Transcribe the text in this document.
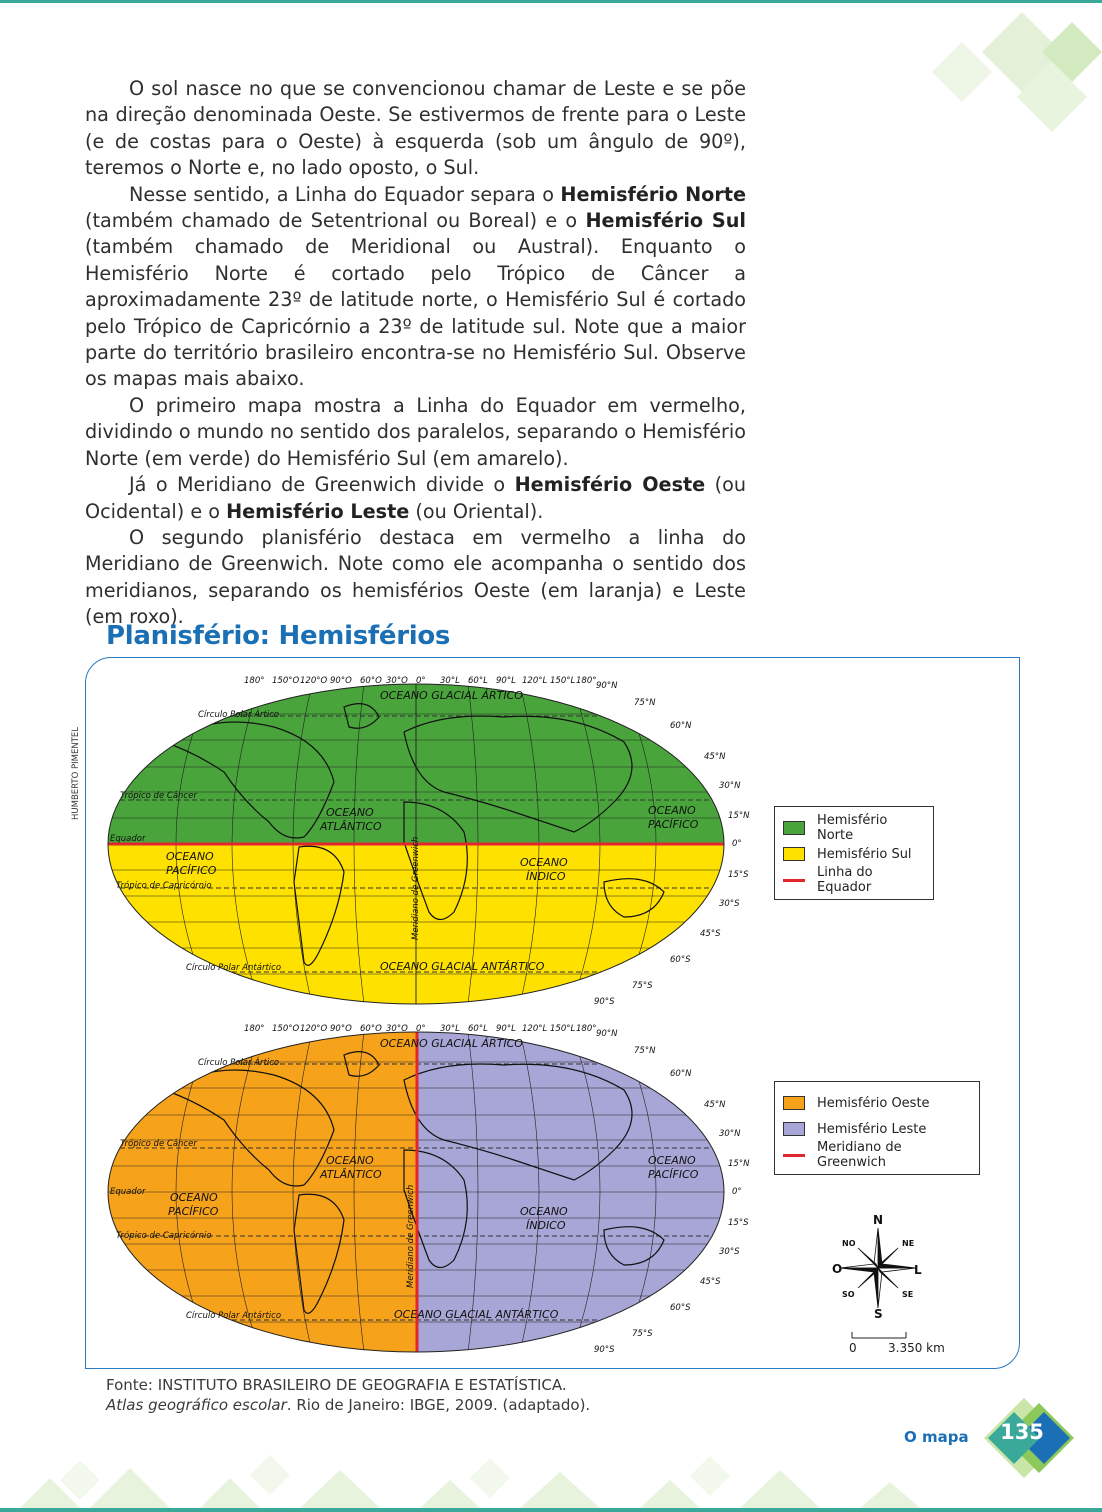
O sol nasce no que se convencionou chamar de Leste e se põe na direção denominada Oeste. Se estivermos de frente para o Leste (e de costas para o Oeste) à esquerda (sob um ângulo de 90º), teremos o Norte e, no lado oposto, o Sul.

Nesse sentido, a Linha do Equador separa o Hemisfério Norte (também chamado de Setentrional ou Boreal) e o Hemisfério Sul (também chamado de Meridional ou Austral). Enquanto o Hemisfério Norte é cortado pelo Trópico de Câncer a aproximadamente 23º de latitude norte, o Hemisfério Sul é cortado pelo Trópico de Capricórnio a 23º de latitude sul. Note que a maior parte do território brasileiro encontra-se no Hemisfério Sul. Observe os mapas mais abaixo.

O primeiro mapa mostra a Linha do Equador em vermelho, dividindo o mundo no sentido dos paralelos, separando o Hemisfério Norte (em verde) do Hemisfério Sul (em amarelo).

Já o Meridiano de Greenwich divide o Hemisfério Oeste (ou Ocidental) e o Hemisfério Leste (ou Oriental).

O segundo planisfério destaca em vermelho a linha do Meridiano de Greenwich. Note como ele acompanha o sentido dos meridianos, separando os hemisférios Oeste (em laranja) e Leste (em roxo).

Planisfério: Hemisférios
HUMBERTO PIMENTEL
180° 150°O 120°O 90°O 60°O 30°O 0° 30°L 60°L 90°L 120°L 150°L 180° 90°N
75°N
60°N
45°N
30°N
15°N
0°
15°S
30°S
45°S
60°S
75°S
90°S
Círculo Polar Ártico
Trópico de Câncer
Equador
Trópico de Capricórnio
Círculo Polar Antártico
OCEANO GLACIAL ÁRTICO
OCEANO GLACIAL ANTÁRTICO
OCEANO
ATLÂNTICO
OCEANO
PACÍFICO
OCEANO
PACÍFICO
OCEANO
ÍNDICO
Meridiano de Greenwich
Hemisfério Norte
Hemisfério Sul
Linha do Equador
180° 150°O 120°O 90°O 60°O 30°O 0° 30°L 60°L 90°L 120°L 150°L 180° 90°N
75°N
60°N
45°N
30°N
15°N
0°
15°S
30°S
45°S
60°S
75°S
90°S
Círculo Polar Ártico
Trópico de Câncer
Equador
Trópico de Capricórnio
Círculo Polar Antártico
OCEANO GLACIAL ÁRTICO
OCEANO GLACIAL ANTÁRTICO
OCEANO
ATLÂNTICO
OCEANO
PACÍFICO
OCEANO
PACÍFICO
OCEANO
ÍNDICO
Meridiano de Greenwich
Hemisfério Oeste
Hemisfério Leste
Meridiano de Greenwich
N
S
O	L
NO	NE
SO	SE
0	3.350 km
Fonte: INSTITUTO BRASILEIRO DE GEOGRAFIA E ESTATÍSTICA.
Atlas geográfico escolar. Rio de Janeiro: IBGE, 2009. (adaptado).
O mapa 135
